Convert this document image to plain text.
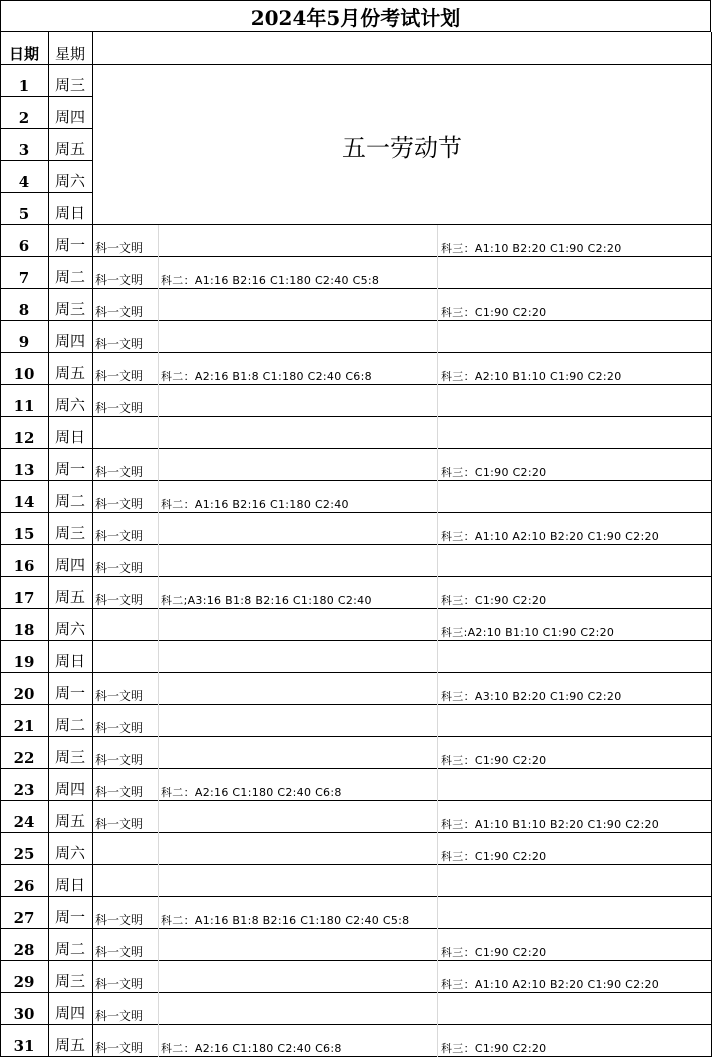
2024年5月份考试计划
日期	星期
1	周三
2	周四
3	周五
4	周六
5	周日
6	周一 科一文明	科三：A1:10 B2:20 C1:90 C2:20
7	周二 科一文明 科二：A1:16 B2:16 C1:180 C2:40 C5:8
8	周三 科一文明	科三：C1:90 C2:20
9	周四 科一文明
10	周五 科一文明 科二：A2:16 B1:8 C1:180 C2:40 C6:8	科三：A2:10 B1:10 C1:90 C2:20
11	周六 科一文明
12	周日
13	周一 科一文明	科三：C1:90 C2:20
14	周二 科一文明 科二：A1:16 B2:16 C1:180 C2:40
15	周三 科一文明	科三：A1:10 A2:10 B2:20 C1:90 C2:20
16	周四 科一文明
17	周五 科一文明 科二;A3:16 B1:8 B2:16 C1:180 C2:40	科三：C1:90 C2:20
18	周六	科三:A2:10 B1:10 C1:90 C2:20
19	周日
20	周一 科一文明	科三：A3:10 B2:20 C1:90 C2:20
21	周二 科一文明
22	周三 科一文明	科三：C1:90 C2:20
23	周四 科一文明 科二：A2:16 C1:180 C2:40 C6:8
24	周五 科一文明	科三：A1:10 B1:10 B2:20 C1:90 C2:20
25	周六	科三：C1:90 C2:20
26	周日
27	周一 科一文明 科二：A1:16 B1:8 B2:16 C1:180 C2:40 C5:8
28	周二 科一文明	科三：C1:90 C2:20
29	周三 科一文明	科三：A1:10 A2:10 B2:20 C1:90 C2:20
30	周四 科一文明
31	周五 科一文明 科二：A2:16 C1:180 C2:40 C6:8	科三：C1:90 C2:20
五一劳动节
